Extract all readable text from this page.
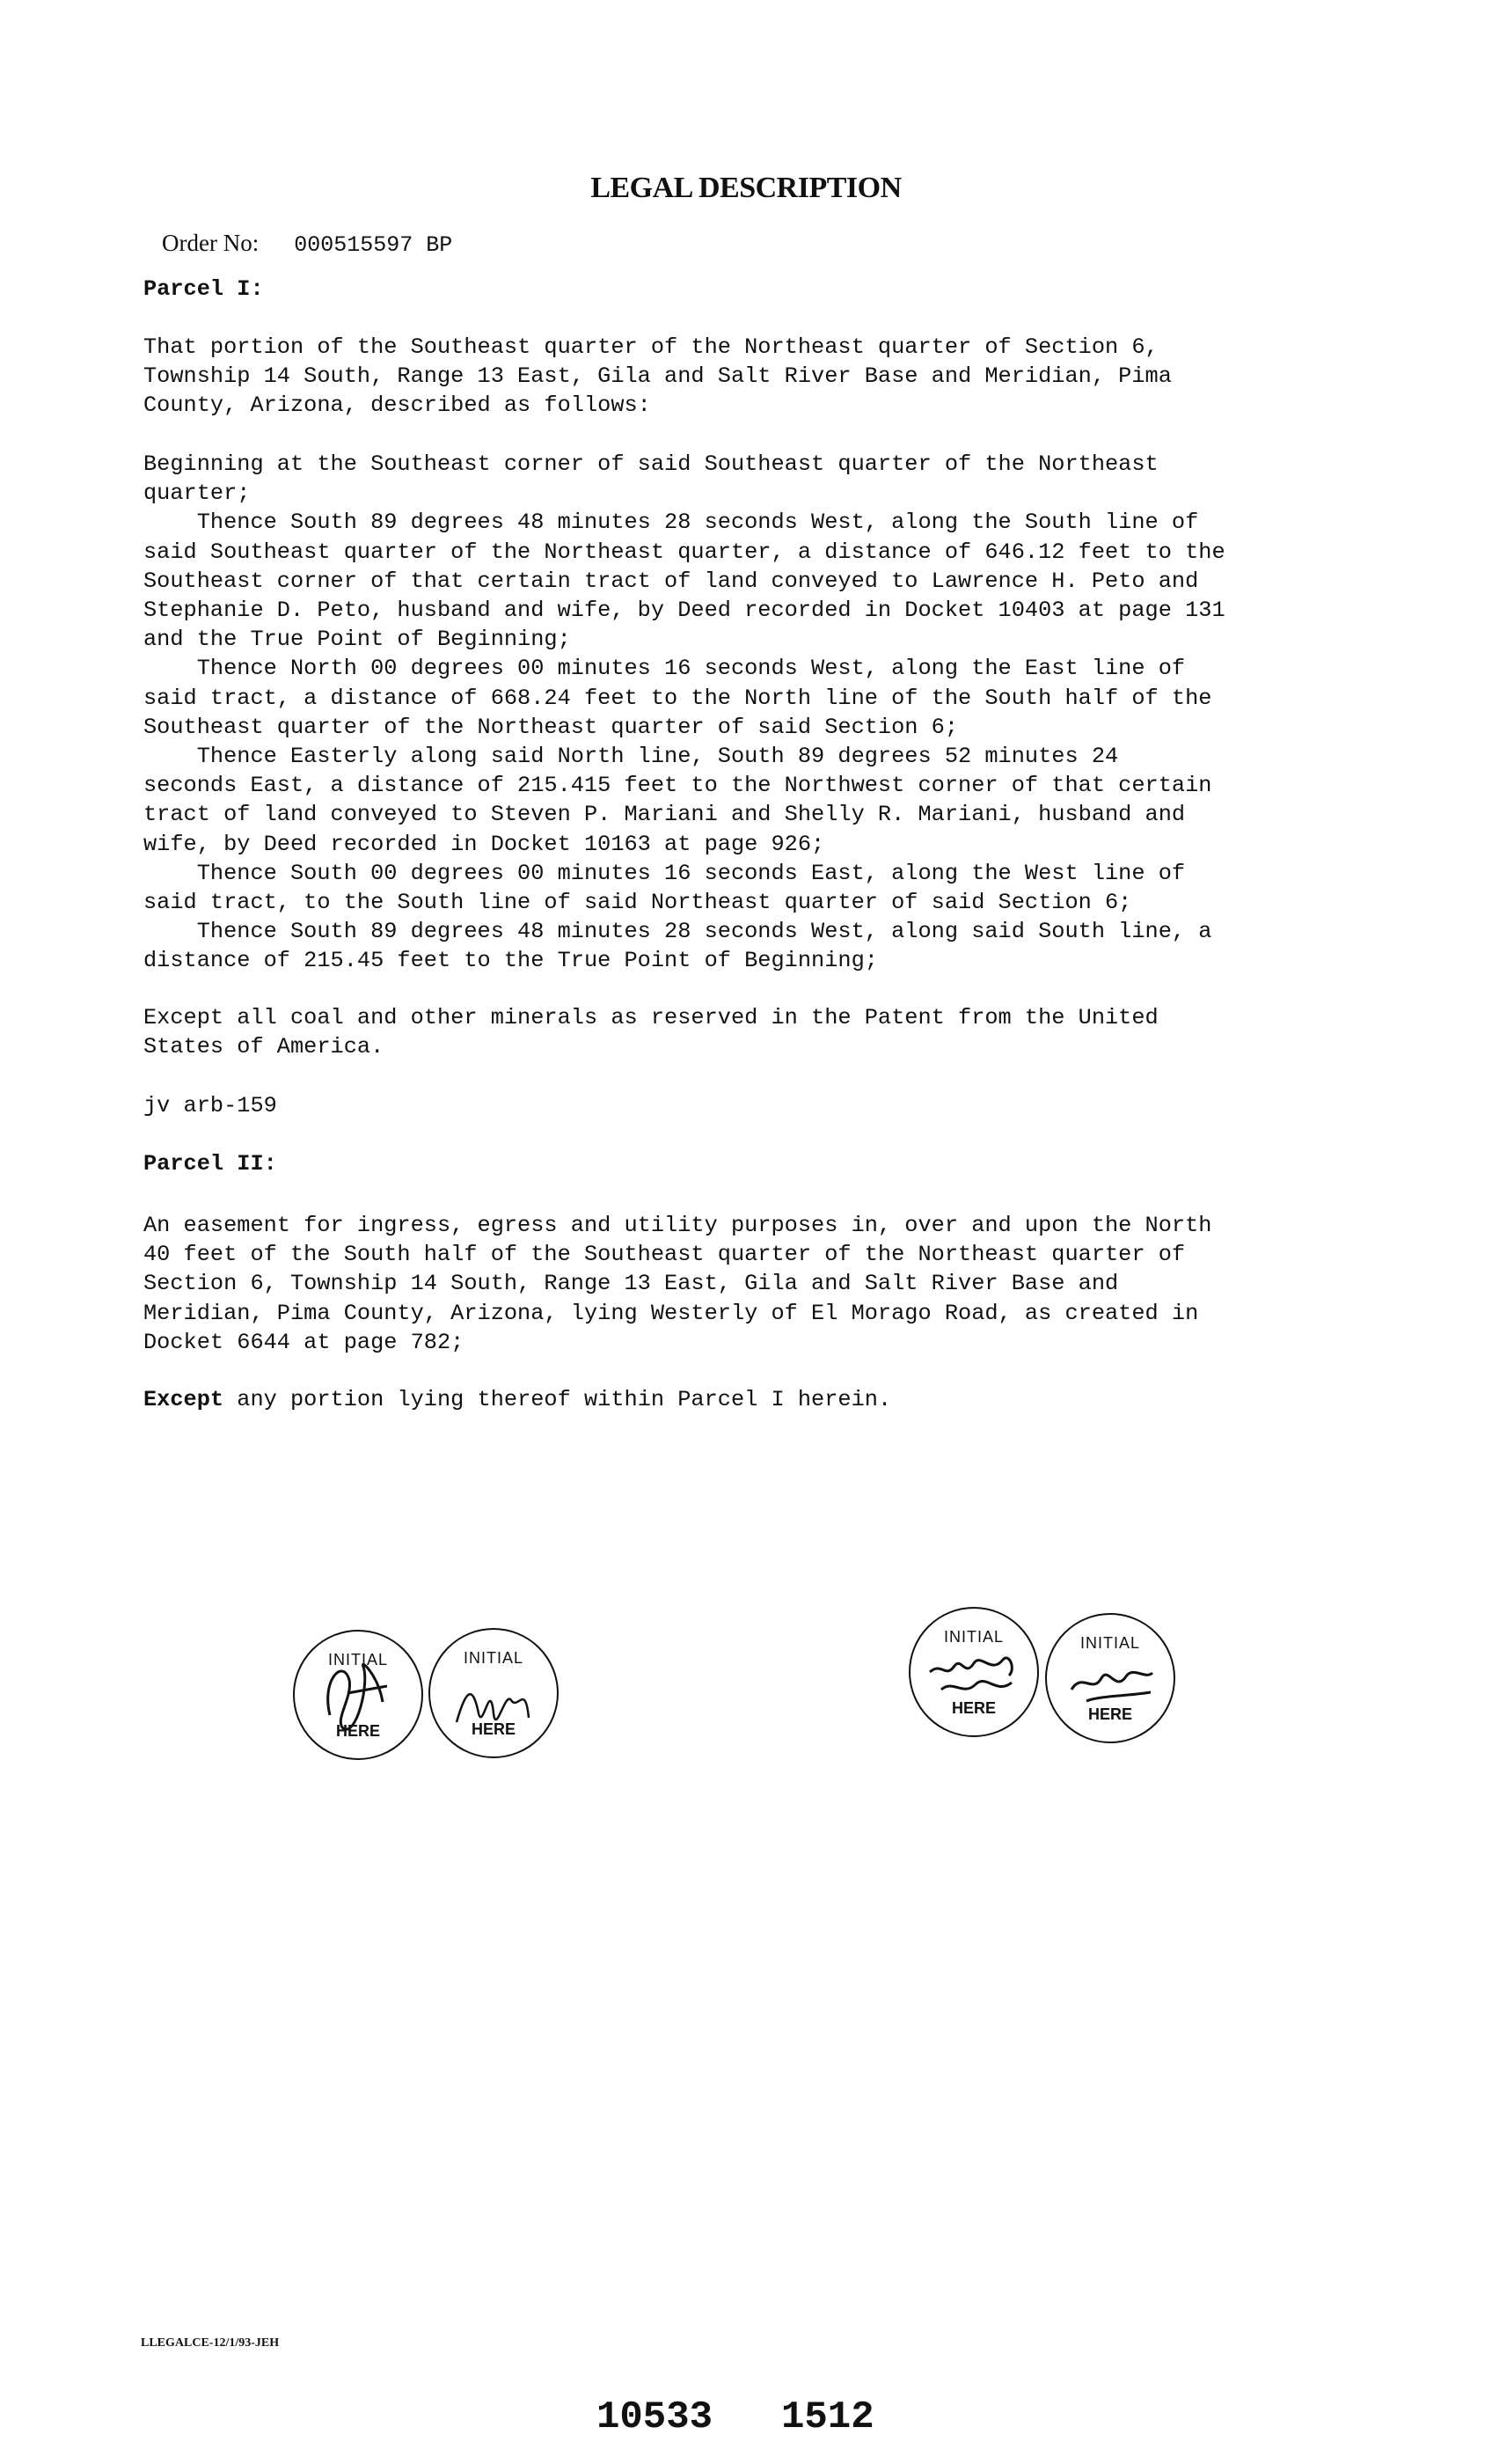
LEGAL DESCRIPTION

Order No: 000515597 BP

Parcel I:
That portion of the Southeast quarter of the Northeast quarter of Section 6,
Township 14 South, Range 13 East, Gila and Salt River Base and Meridian, Pima
County, Arizona, described as follows:
Beginning at the Southeast corner of said Southeast quarter of the Northeast
quarter;
Thence South 89 degrees 48 minutes 28 seconds West, along the South line of
said Southeast quarter of the Northeast quarter, a distance of 646.12 feet to the
Southeast corner of that certain tract of land conveyed to Lawrence H. Peto and
Stephanie D. Peto, husband and wife, by Deed recorded in Docket 10403 at page 131
and the True Point of Beginning;
Thence North 00 degrees 00 minutes 16 seconds West, along the East line of
said tract, a distance of 668.24 feet to the North line of the South half of the
Southeast quarter of the Northeast quarter of said Section 6;
Thence Easterly along said North line, South 89 degrees 52 minutes 24
seconds East, a distance of 215.415 feet to the Northwest corner of that certain
tract of land conveyed to Steven P. Mariani and Shelly R. Mariani, husband and
wife, by Deed recorded in Docket 10163 at page 926;
Thence South 00 degrees 00 minutes 16 seconds East, along the West line of
said tract, to the South line of said Northeast quarter of said Section 6;
Thence South 89 degrees 48 minutes 28 seconds West, along said South line, a
distance of 215.45 feet to the True Point of Beginning;
Except all coal and other minerals as reserved in the Patent from the United
States of America.
jv arb-159
Parcel II:
An easement for ingress, egress and utility purposes in, over and upon the North
40 feet of the South half of the Southeast quarter of the Northeast quarter of
Section 6, Township 14 South, Range 13 East, Gila and Salt River Base and
Meridian, Pima County, Arizona, lying Westerly of El Morago Road, as created in
Docket 6644 at page 782;
Except any portion lying thereof within Parcel I herein.
INITIAL
HERE
INITIAL
HERE
INITIAL
HERE
INITIAL
HERE
LLEGALCE-12/1/93-JEH
10533 1512
